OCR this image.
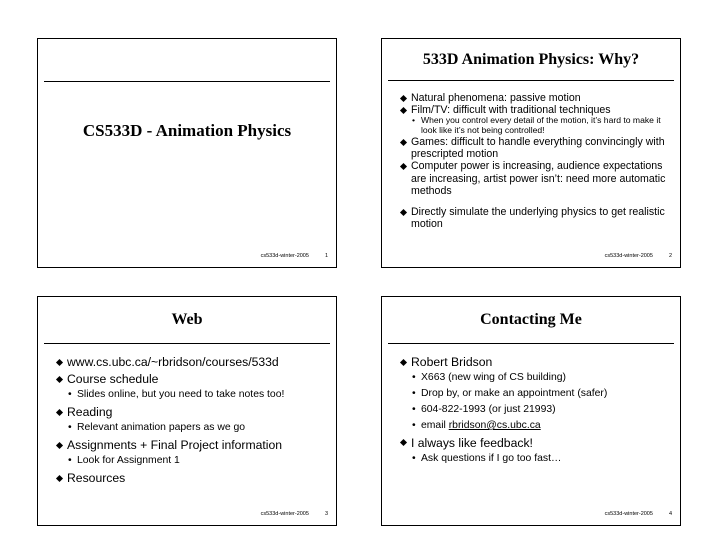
CS533D - Animation Physics
cs533d-winter-2005	1
533D Animation Physics: Why?
Natural phenomena: passive motion
Film/TV: difficult with traditional techniques
• When you control every detail of the motion, it’s hard to make it look like it’s not being controlled!
Games: difficult to handle everything convincingly with prescripted motion
Computer power is increasing, audience expectations are increasing, artist power isn’t: need more automatic methods
Directly simulate the underlying physics to get realistic motion
cs533d-winter-2005	2
Web
www.cs.ubc.ca/~rbridson/courses/533d
Course schedule
• Slides online, but you need to take notes too!
Reading
• Relevant animation papers as we go
Assignments + Final Project information
• Look for Assignment 1
Resources
cs533d-winter-2005	3
Contacting Me
Robert Bridson
• X663 (new wing of CS building)
• Drop by, or make an appointment (safer)
• 604-822-1993 (or just 21993)
• email rbridson@cs.ubc.ca
I always like feedback!
• Ask questions if I go too fast…
cs533d-winter-2005	4
